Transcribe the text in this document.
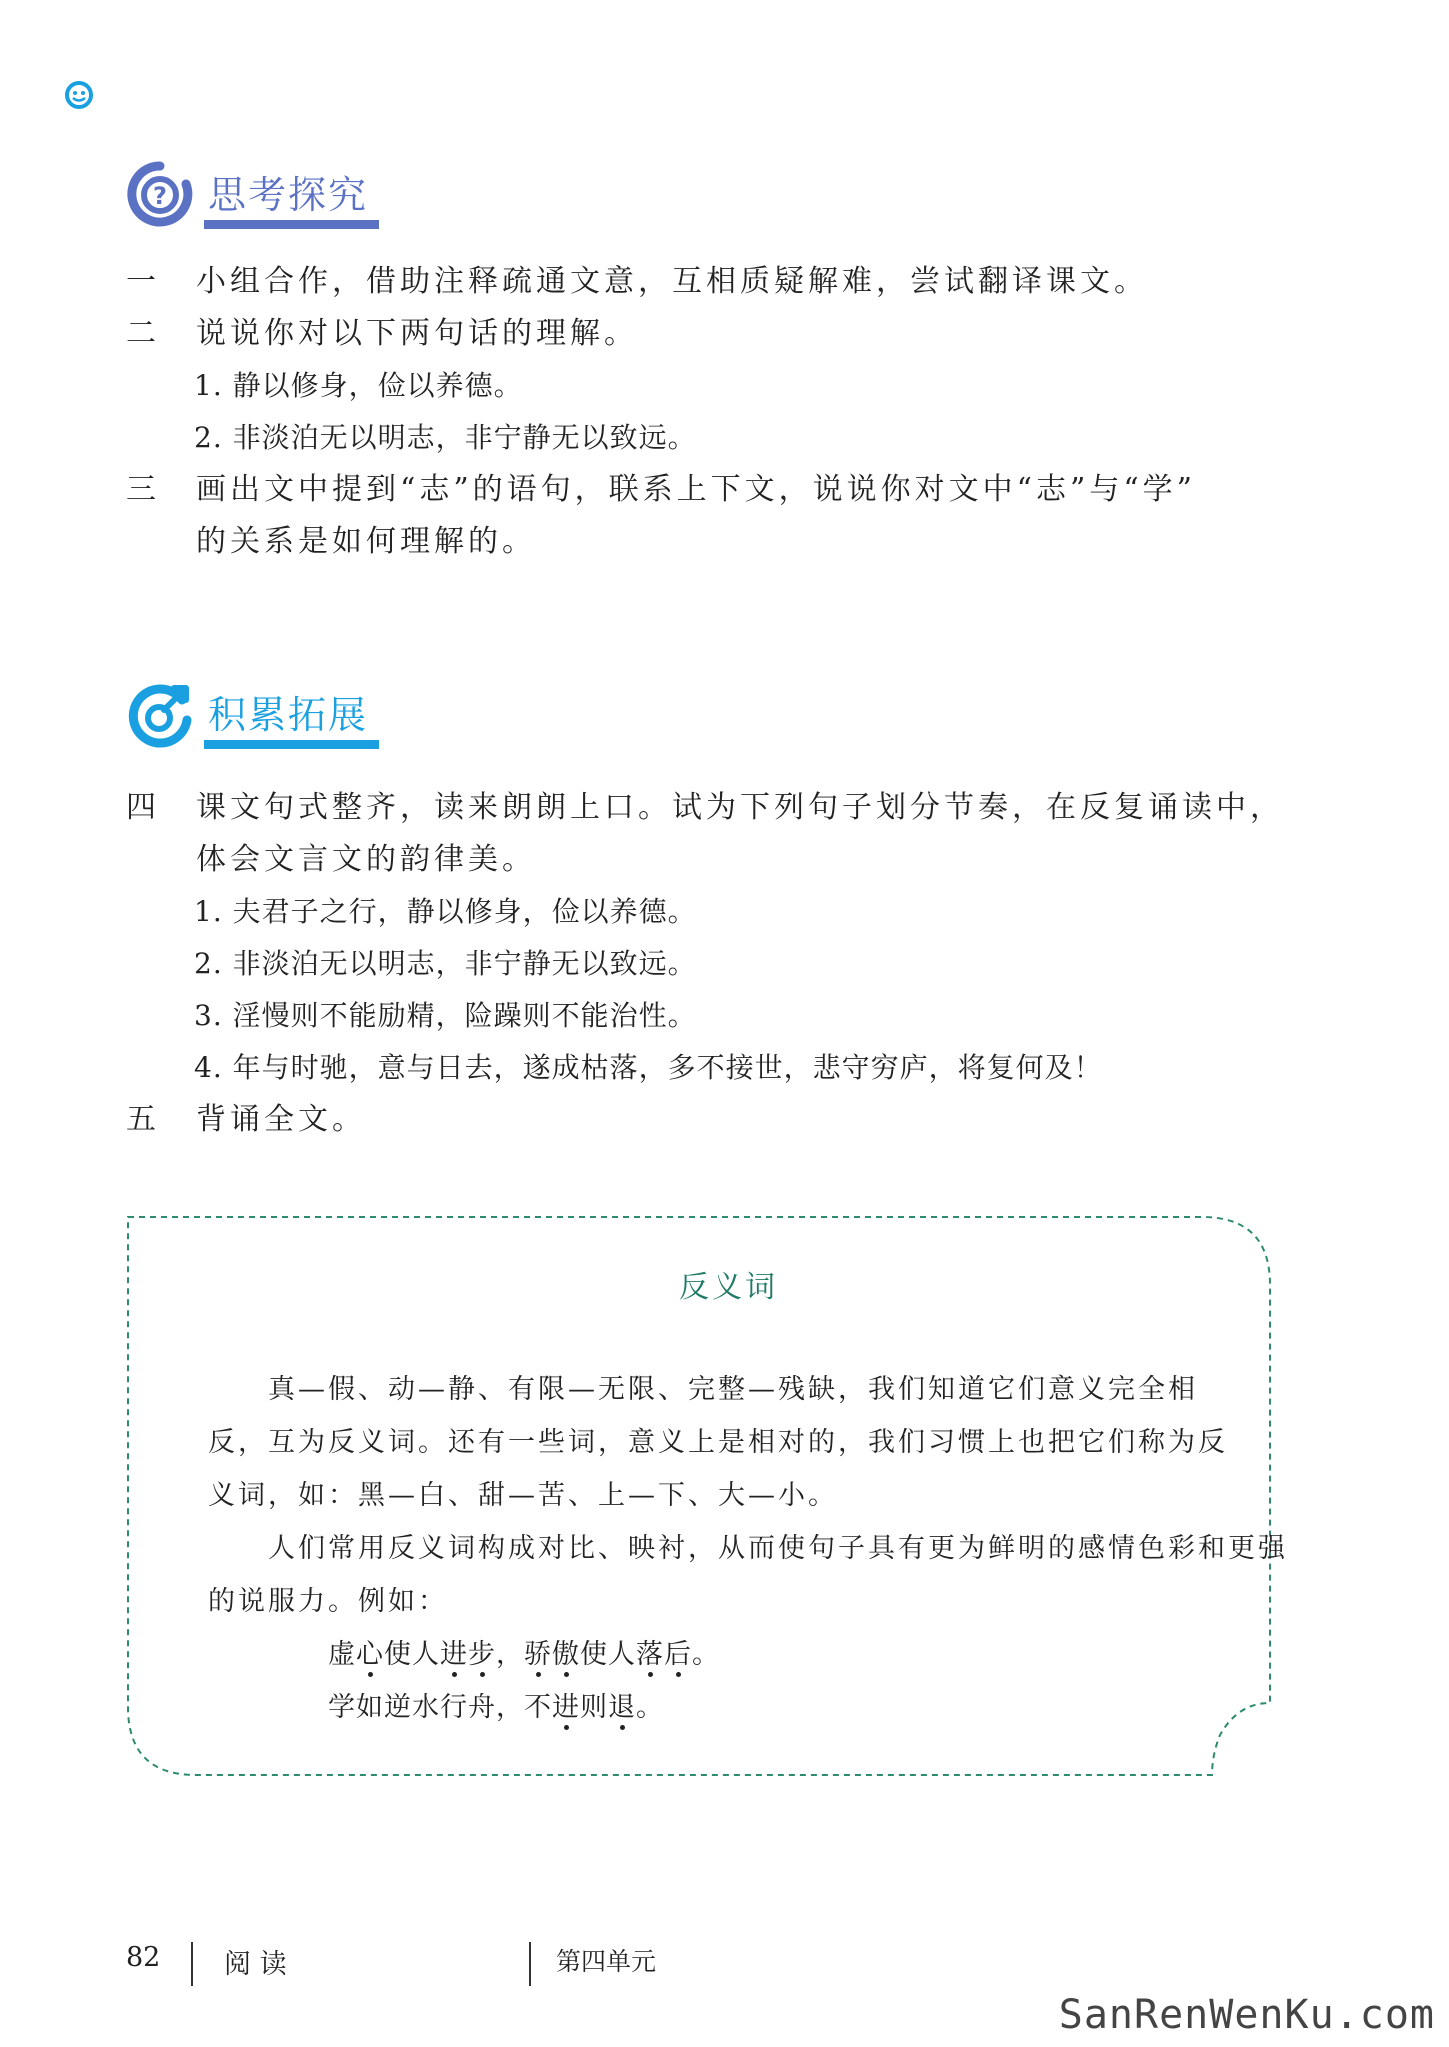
? 思考探究
一 小组合作，借助注释疏通文意，互相质疑解难，尝试翻译课文。
二 说说你对以下两句话的理解。
1. 静以修身，俭以养德。
2. 非淡泊无以明志，非宁静无以致远。
三 画出文中提到“志”的语句，联系上下文，说说你对文中“志”与“学”
的关系是如何理解的。
积累拓展
四 课文句式整齐，读来朗朗上口。试为下列句子划分节奏，在反复诵读中，
体会文言文的韵律美。
1. 夫君子之行，静以修身，俭以养德。
2. 非淡泊无以明志，非宁静无以致远。
3. 淫慢则不能励精，险躁则不能治性。
4. 年与时驰，意与日去，遂成枯落，多不接世，悲守穷庐，将复何及！
五 背诵全文。
反义词
真—假、动—静、有限—无限、完整—残缺，我们知道它们意义完全相
反，互为反义词。还有一些词，意义上是相对的，我们习惯上也把它们称为反
义词，如：黑—白、甜—苦、上—下、大—小。
人们常用反义词构成对比、映衬，从而使句子具有更为鲜明的感情色彩和更强
的说服力。例如：
虚心使人进步，骄傲使人落后。
学如逆水行舟，不进则退。
82 阅 读	第四单元
SanRenWenKu.com
